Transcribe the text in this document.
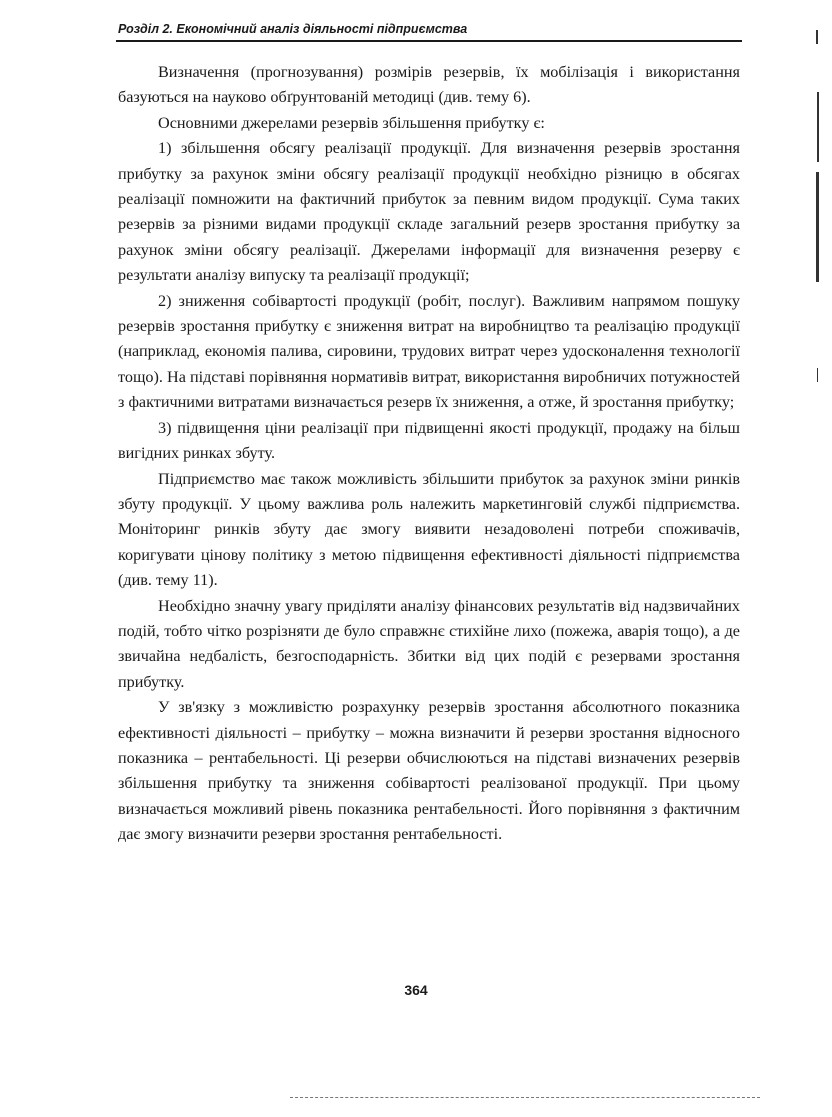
Розділ 2. Економічний аналіз діяльності підприємства

Визначення (прогнозування) розмірів резервів, їх мобілізація і використання базуються на науково обґрунтованій методиці (див. тему 6).

Основними джерелами резервів збільшення прибутку є:

1) збільшення обсягу реалізації продукції. Для визначення резервів зростання прибутку за рахунок зміни обсягу реалізації продукції необхідно різницю в обсягах реалізації помножити на фактичний прибуток за певним видом продукції. Сума таких резервів за різними видами продукції складе загальний резерв зростання прибутку за рахунок зміни обсягу реалізації. Джерелами інформації для визначення резерву є результати аналізу випуску та реалізації продукції;

2) зниження собівартості продукції (робіт, послуг). Важливим напрямом пошуку резервів зростання прибутку є зниження витрат на виробництво та реалізацію продукції (наприклад, економія палива, сировини, трудових витрат через удосконалення технології тощо). На підставі порівняння нормативів витрат, використання виробничих потужностей з фактичними витратами визначається резерв їх зниження, а отже, й зростання прибутку;

3) підвищення ціни реалізації при підвищенні якості продукції, продажу на більш вигідних ринках збуту.

Підприємство має також можливість збільшити прибуток за рахунок зміни ринків збуту продукції. У цьому важлива роль належить маркетинговій службі підприємства. Моніторинг ринків збуту дає змогу виявити незадоволені потреби споживачів, коригувати цінову політику з метою підвищення ефективності діяльності підприємства (див. тему 11).

Необхідно значну увагу приділяти аналізу фінансових результатів від надзвичайних подій, тобто чітко розрізняти де було справжнє стихійне лихо (пожежа, аварія тощо), а де звичайна недбалість, безгосподарність. Збитки від цих подій є резервами зростання прибутку.

У зв'язку з можливістю розрахунку резервів зростання абсолютного показника ефективності діяльності – прибутку – можна визначити й резерви зростання відносного показника – рентабельності. Ці резерви обчислюються на підставі визначених резервів збільшення прибутку та зниження собівартості реалізованої продукції. При цьому визначається можливий рівень показника рентабельності. Його порівняння з фактичним дає змогу визначити резерви зростання рентабельності.

364
